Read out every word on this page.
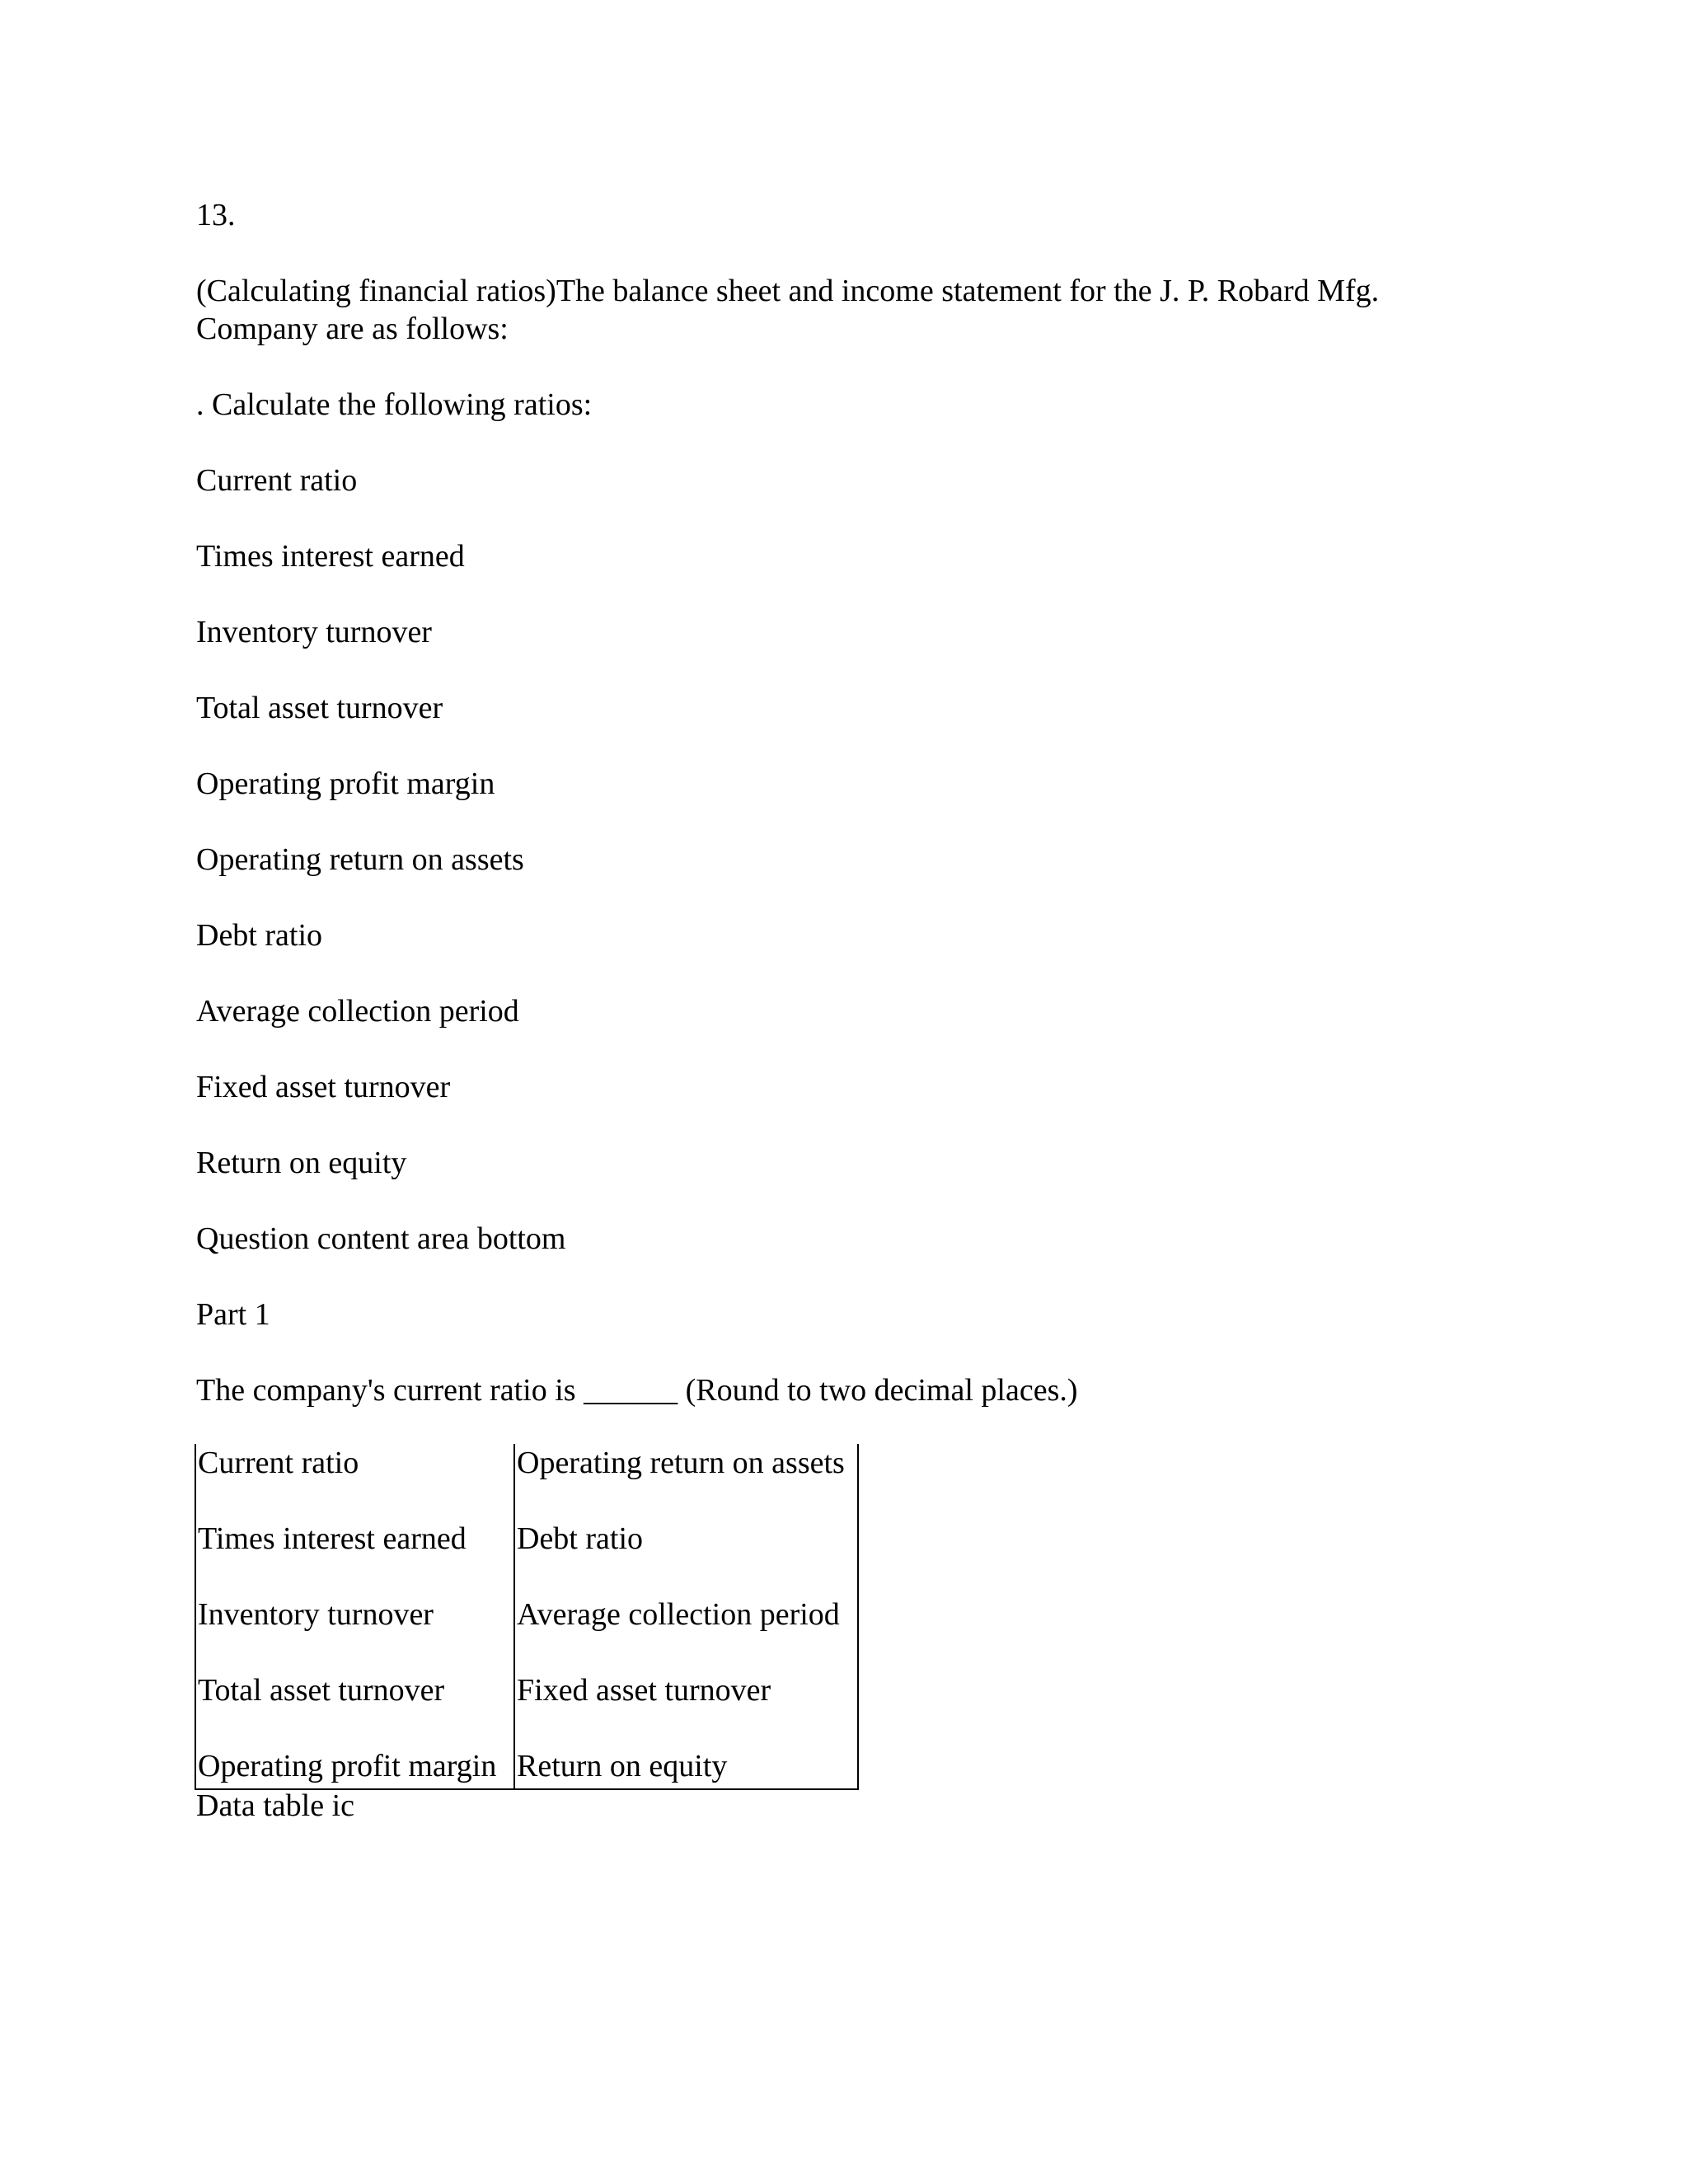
13.

(Calculating financial ratios)The balance sheet and income statement for the J. P. Robard Mfg.

Company are as follows:

. Calculate the following ratios:

Current ratio

Times interest earned

Inventory turnover

Total asset turnover

Operating profit margin

Operating return on assets

Debt ratio

Average collection period

Fixed asset turnover

Return on equity

Question content area bottom

Part 1

The company's current ratio is ______ (Round to two decimal places.)

Current ratio	Operating return on assets
Times interest earned	Debt ratio
Inventory turnover	Average collection period
Total asset turnover	Fixed asset turnover
Operating profit margin	Return on equity
Data table ic
